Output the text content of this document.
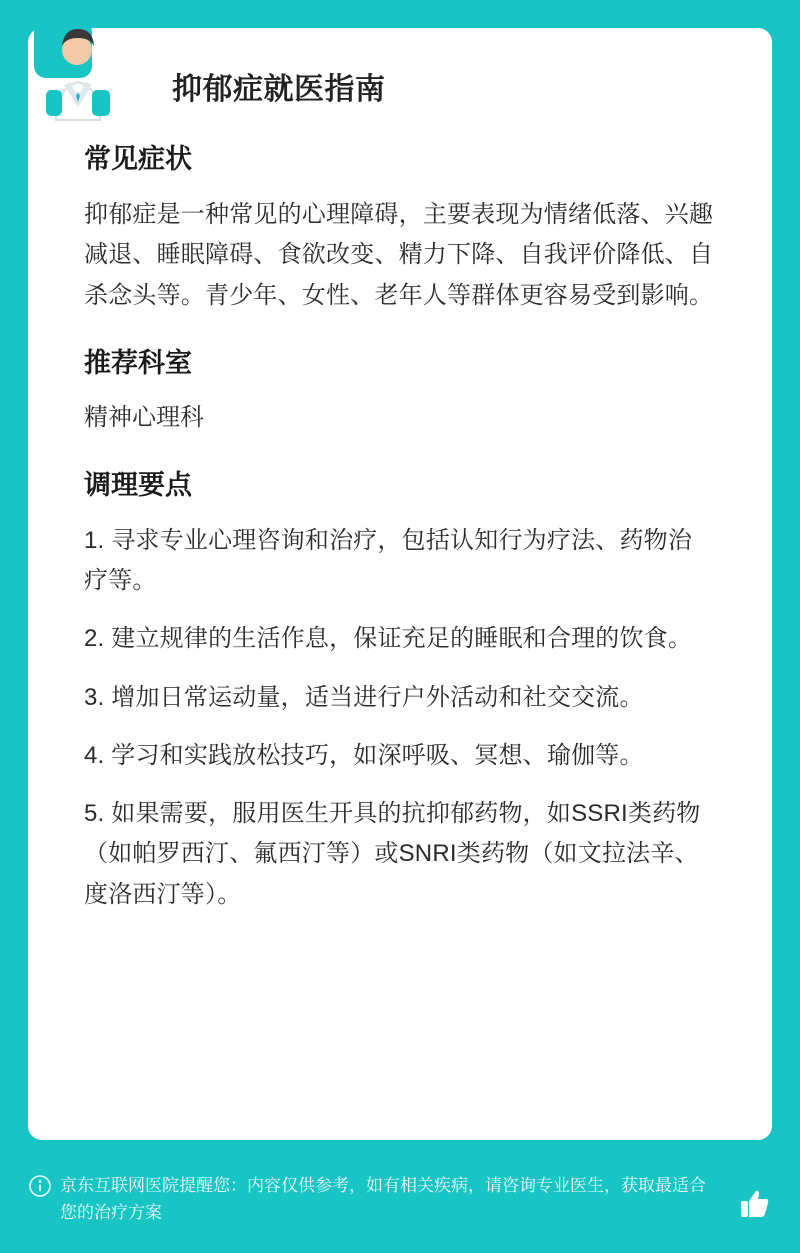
抑郁症就医指南
常见症状

抑郁症是一种常见的心理障碍，主要表现为情绪低落、兴趣减退、睡眠障碍、食欲改变、精力下降、自我评价降低、自杀念头等。青少年、女性、老年人等群体更容易受到影响。

推荐科室

精神心理科

调理要点
1. 寻求专业心理咨询和治疗，包括认知行为疗法、药物治疗等。
2. 建立规律的生活作息，保证充足的睡眠和合理的饮食。
3. 增加日常运动量，适当进行户外活动和社交交流。
4. 学习和实践放松技巧，如深呼吸、冥想、瑜伽等。
5. 如果需要，服用医生开具的抗抑郁药物，如SSRI类药物（如帕罗西汀、氟西汀等）或SNRI类药物（如文拉法辛、度洛西汀等）。
京东互联网医院提醒您：内容仅供参考，如有相关疾病，请咨询专业医生，获取最适合您的治疗方案
